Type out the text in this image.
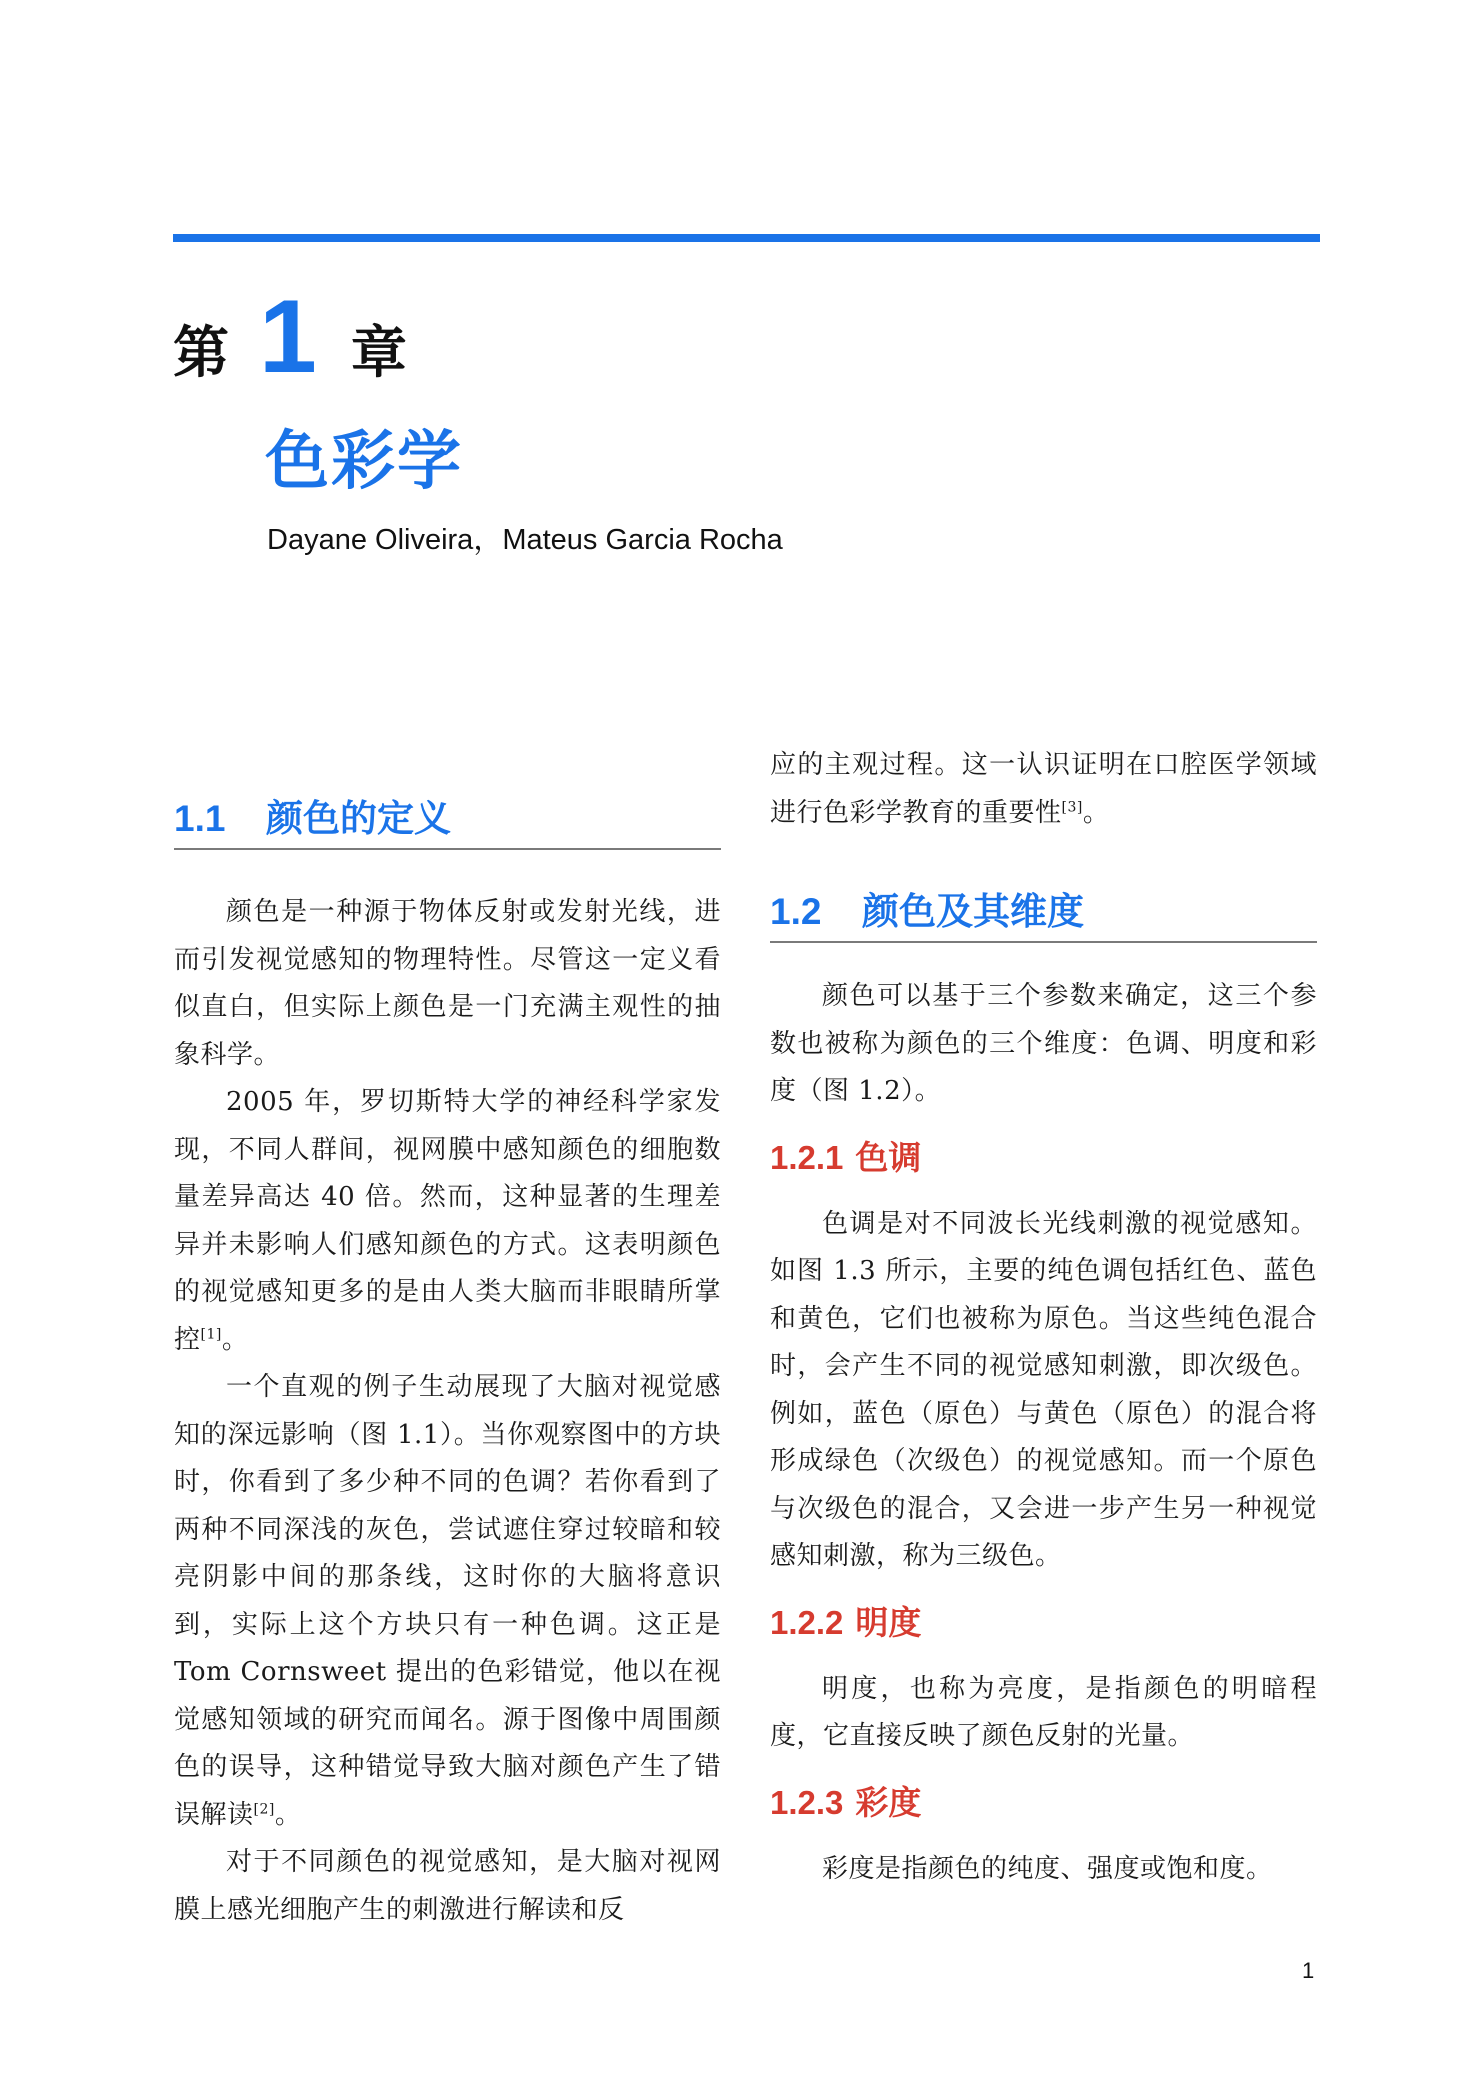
第 1 章
色彩学
Dayane Oliveira，Mateus Garcia Rocha
1.1 颜色的定义

颜色是一种源于物体反射或发射光线，进而引发视觉感知的物理特性。尽管这一定义看似直白，但实际上颜色是一门充满主观性的抽象科学。

2005 年，罗切斯特大学的神经科学家发现，不同人群间，视网膜中感知颜色的细胞数量差异高达 40 倍。然而，这种显著的生理差异并未影响人们感知颜色的方式。这表明颜色的视觉感知更多的是由人类大脑而非眼睛所掌控[1]。

一个直观的例子生动展现了大脑对视觉感知的深远影响（图 1.1）。当你观察图中的方块时，你看到了多少种不同的色调？若你看到了两种不同深浅的灰色，尝试遮住穿过较暗和较亮阴影中间的那条线，这时你的大脑将意识到，实际上这个方块只有一种色调。这正是 Tom Cornsweet 提出的色彩错觉，他以在视觉感知领域的研究而闻名。源于图像中周围颜色的误导，这种错觉导致大脑对颜色产生了错误解读[2]。

对于不同颜色的视觉感知，是大脑对视网膜上感光细胞产生的刺激进行解读和反

应的主观过程。这一认识证明在口腔医学领域进行色彩学教育的重要性[3]。

1.2 颜色及其维度

颜色可以基于三个参数来确定，这三个参数也被称为颜色的三个维度：色调、明度和彩度（图 1.2）。

1.2.1 色调

色调是对不同波长光线刺激的视觉感知。如图 1.3 所示，主要的纯色调包括红色、蓝色和黄色，它们也被称为原色。当这些纯色混合时，会产生不同的视觉感知刺激，即次级色。例如，蓝色（原色）与黄色（原色）的混合将形成绿色（次级色）的视觉感知。而一个原色与次级色的混合，又会进一步产生另一种视觉感知刺激，称为三级色。

1.2.2 明度

明度，也称为亮度，是指颜色的明暗程度，它直接反映了颜色反射的光量。

1.2.3 彩度

彩度是指颜色的纯度、强度或饱和度。

1
